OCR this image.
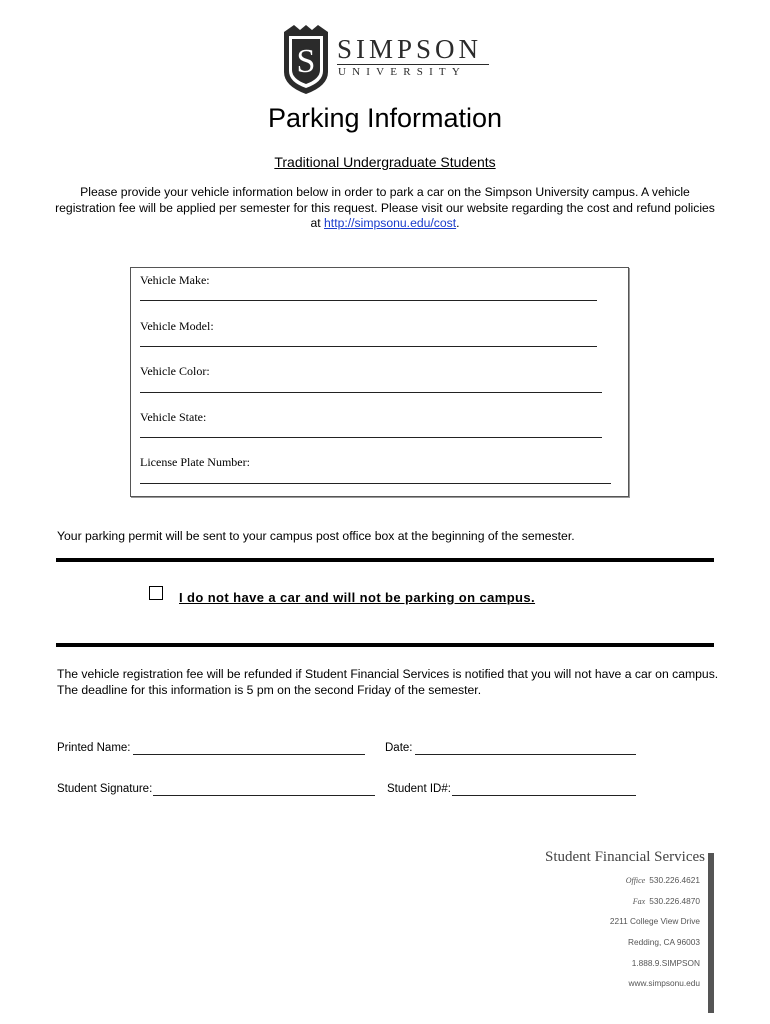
S SIMPSON
UNIVERSITY
Parking Information
Traditional Undergraduate Students
Please provide your vehicle information below in order to park a car on the Simpson University campus. A vehicle registration fee will be applied per semester for this request. Please visit our website regarding the cost and refund policies at http://simpsonu.edu/cost.
Vehicle Make:
Vehicle Model:
Vehicle Color:
Vehicle State:
License Plate Number:
Your parking permit will be sent to your campus post office box at the beginning of the semester.
I do not have a car and will not be parking on campus.
The vehicle registration fee will be refunded if Student Financial Services is notified that you will not have a car on campus. The deadline for this information is 5 pm on the second Friday of the semester.
Printed Name:	Date:
Student Signature:	Student ID#:
Student Financial Services
Office 530.226.4621
Fax 530.226.4870
2211 College View Drive
Redding, CA 96003
1.888.9.SIMPSON
www.simpsonu.edu
